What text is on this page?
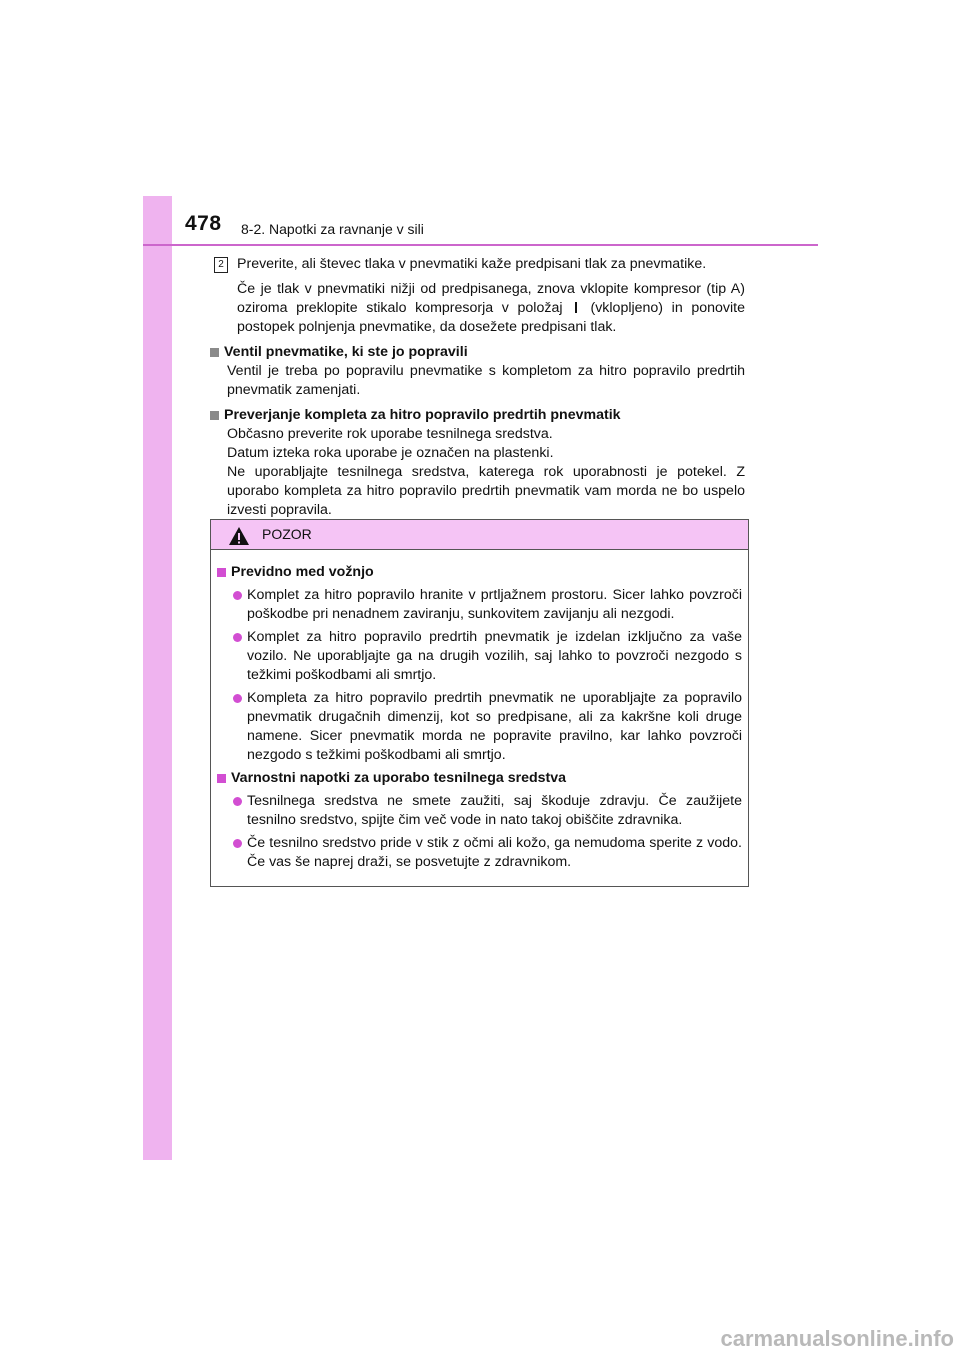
478 8-2. Napotki za ravnanje v sili
2 Preverite, ali števec tlaka v pnevmatiki kaže predpisani tlak za pnevmatike.
Če je tlak v pnevmatiki nižji od predpisanega, znova vklopite kompresor (tip A) oziroma preklopite stikalo kompresorja v položaj (vklopljeno) in ponovite postopek polnjenja pnevmatike, da dosežete predpisani tlak.
Ventil pnevmatike, ki ste jo popravili
Ventil je treba po popravilu pnevmatike s kompletom za hitro popravilo predrtih pnevmatik zamenjati.
Preverjanje kompleta za hitro popravilo predrtih pnevmatik
Občasno preverite rok uporabe tesnilnega sredstva.
Datum izteka roka uporabe je označen na plastenki.
Ne uporabljajte tesnilnega sredstva, katerega rok uporabnosti je potekel. Z uporabo kompleta za hitro popravilo predrtih pnevmatik vam morda ne bo uspelo izvesti popravila.
POZOR
Previdno med vožnjo
Komplet za hitro popravilo hranite v prtljažnem prostoru. Sicer lahko povzroči poškodbe pri nenadnem zaviranju, sunkovitem zavijanju ali nezgodi.
Komplet za hitro popravilo predrtih pnevmatik je izdelan izključno za vaše vozilo. Ne uporabljajte ga na drugih vozilih, saj lahko to povzroči nezgodo s težkimi poškodbami ali smrtjo.
Kompleta za hitro popravilo predrtih pnevmatik ne uporabljajte za popravilo pnevmatik drugačnih dimenzij, kot so predpisane, ali za kakršne koli druge namene. Sicer pnevmatik morda ne popravite pravilno, kar lahko povzroči nezgodo s težkimi poškodbami ali smrtjo.
Varnostni napotki za uporabo tesnilnega sredstva
Tesnilnega sredstva ne smete zaužiti, saj škoduje zdravju. Če zaužijete tesnilno sredstvo, spijte čim več vode in nato takoj obiščite zdravnika.
Če tesnilno sredstvo pride v stik z očmi ali kožo, ga nemudoma sperite z vodo. Če vas še naprej draži, se posvetujte z zdravnikom.
carmanualsonline.info
